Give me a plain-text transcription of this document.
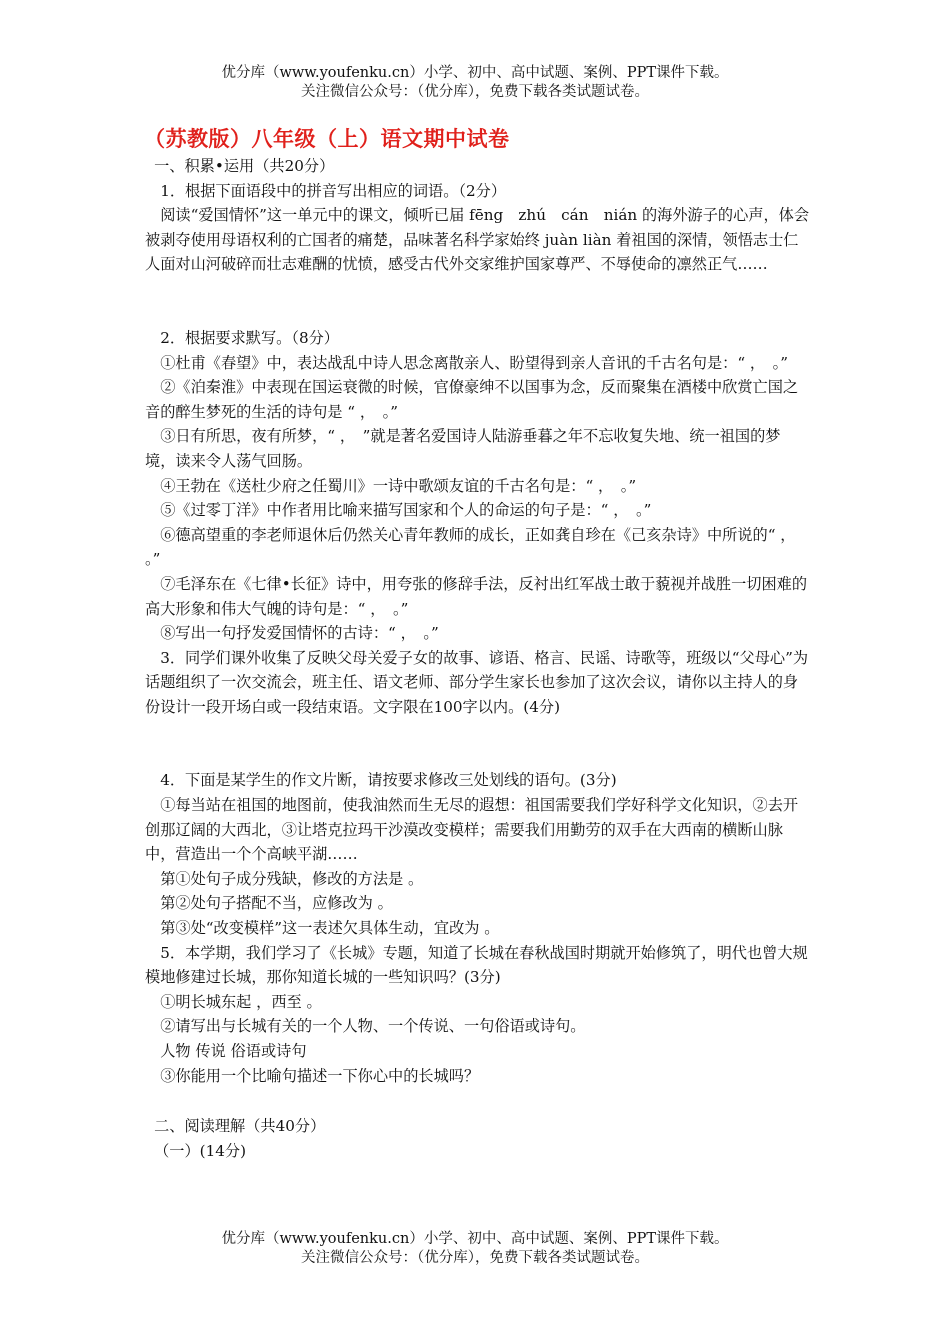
优分库（www.youfenku.cn）小学、初中、高中试题、案例、PPT课件下载。
关注微信公众号：（优分库），免费下载各类试题试卷。
（苏教版）八年级（上）语文期中试卷

一、积累•运用（共20分）

1．根据下面语段中的拼音写出相应的词语。（2分）

阅读“爱国情怀”这一单元中的课文，倾听已届 fēng　zhú　cán　nián 的海外游子的心声，体会被剥夺使用母语权利的亡国者的痛楚，品味著名科学家始终 juàn liàn 着祖国的深情，领悟志士仁人面对山河破碎而壮志难酬的忧愤，感受古代外交家维护国家尊严、不辱使命的凛然正气……

2．根据要求默写。（8分）

①杜甫《春望》中，表达战乱中诗人思念离散亲人、盼望得到亲人音讯的千古名句是：“ ，　。”

②《泊秦淮》中表现在国运衰微的时候，官僚豪绅不以国事为念，反而聚集在酒楼中欣赏亡国之音的醉生梦死的生活的诗句是 “ ，　。”

③日有所思，夜有所梦，“ ，　”就是著名爱国诗人陆游垂暮之年不忘收复失地、统一祖国的梦境，读来令人荡气回肠。

④王勃在《送杜少府之任蜀川》一诗中歌颂友谊的千古名句是：“ ，　。”

⑤《过零丁洋》中作者用比喻来描写国家和个人的命运的句子是：“ ，　。”

⑥德高望重的李老师退休后仍然关心青年教师的成长，正如龚自珍在《己亥杂诗》中所说的“ ，　。”

⑦毛泽东在《七律•长征》诗中，用夸张的修辞手法，反衬出红军战士敢于藐视并战胜一切困难的高大形象和伟大气魄的诗句是：“ ，　。”

⑧写出一句抒发爱国情怀的古诗：“ ，　。”

3．同学们课外收集了反映父母关爱子女的故事、谚语、格言、民谣、诗歌等，班级以“父母心”为话题组织了一次交流会，班主任、语文老师、部分学生家长也参加了这次会议，请你以主持人的身份设计一段开场白或一段结束语。文字限在100字以内。(4分)

4．下面是某学生的作文片断，请按要求修改三处划线的语句。(3分)

①每当站在祖国的地图前，使我油然而生无尽的遐想：祖国需要我们学好科学文化知识，②去开创那辽阔的大西北，③让塔克拉玛干沙漠改变模样；需要我们用勤劳的双手在大西南的横断山脉中，营造出一个个高峡平湖……

第①处句子成分残缺，修改的方法是 。

第②处句子搭配不当，应修改为 。

第③处“改变模样”这一表述欠具体生动，宜改为 。

5．本学期，我们学习了《长城》专题，知道了长城在春秋战国时期就开始修筑了，明代也曾大规模地修建过长城，那你知道长城的一些知识吗？(3分)

①明长城东起 ，西至 。

②请写出与长城有关的一个人物、一个传说、一句俗语或诗句。

人物 传说 俗语或诗句

③你能用一个比喻句描述一下你心中的长城吗？

二、阅读理解（共40分）

（一）(14分)

优分库（www.youfenku.cn）小学、初中、高中试题、案例、PPT课件下载。
关注微信公众号：（优分库），免费下载各类试题试卷。
